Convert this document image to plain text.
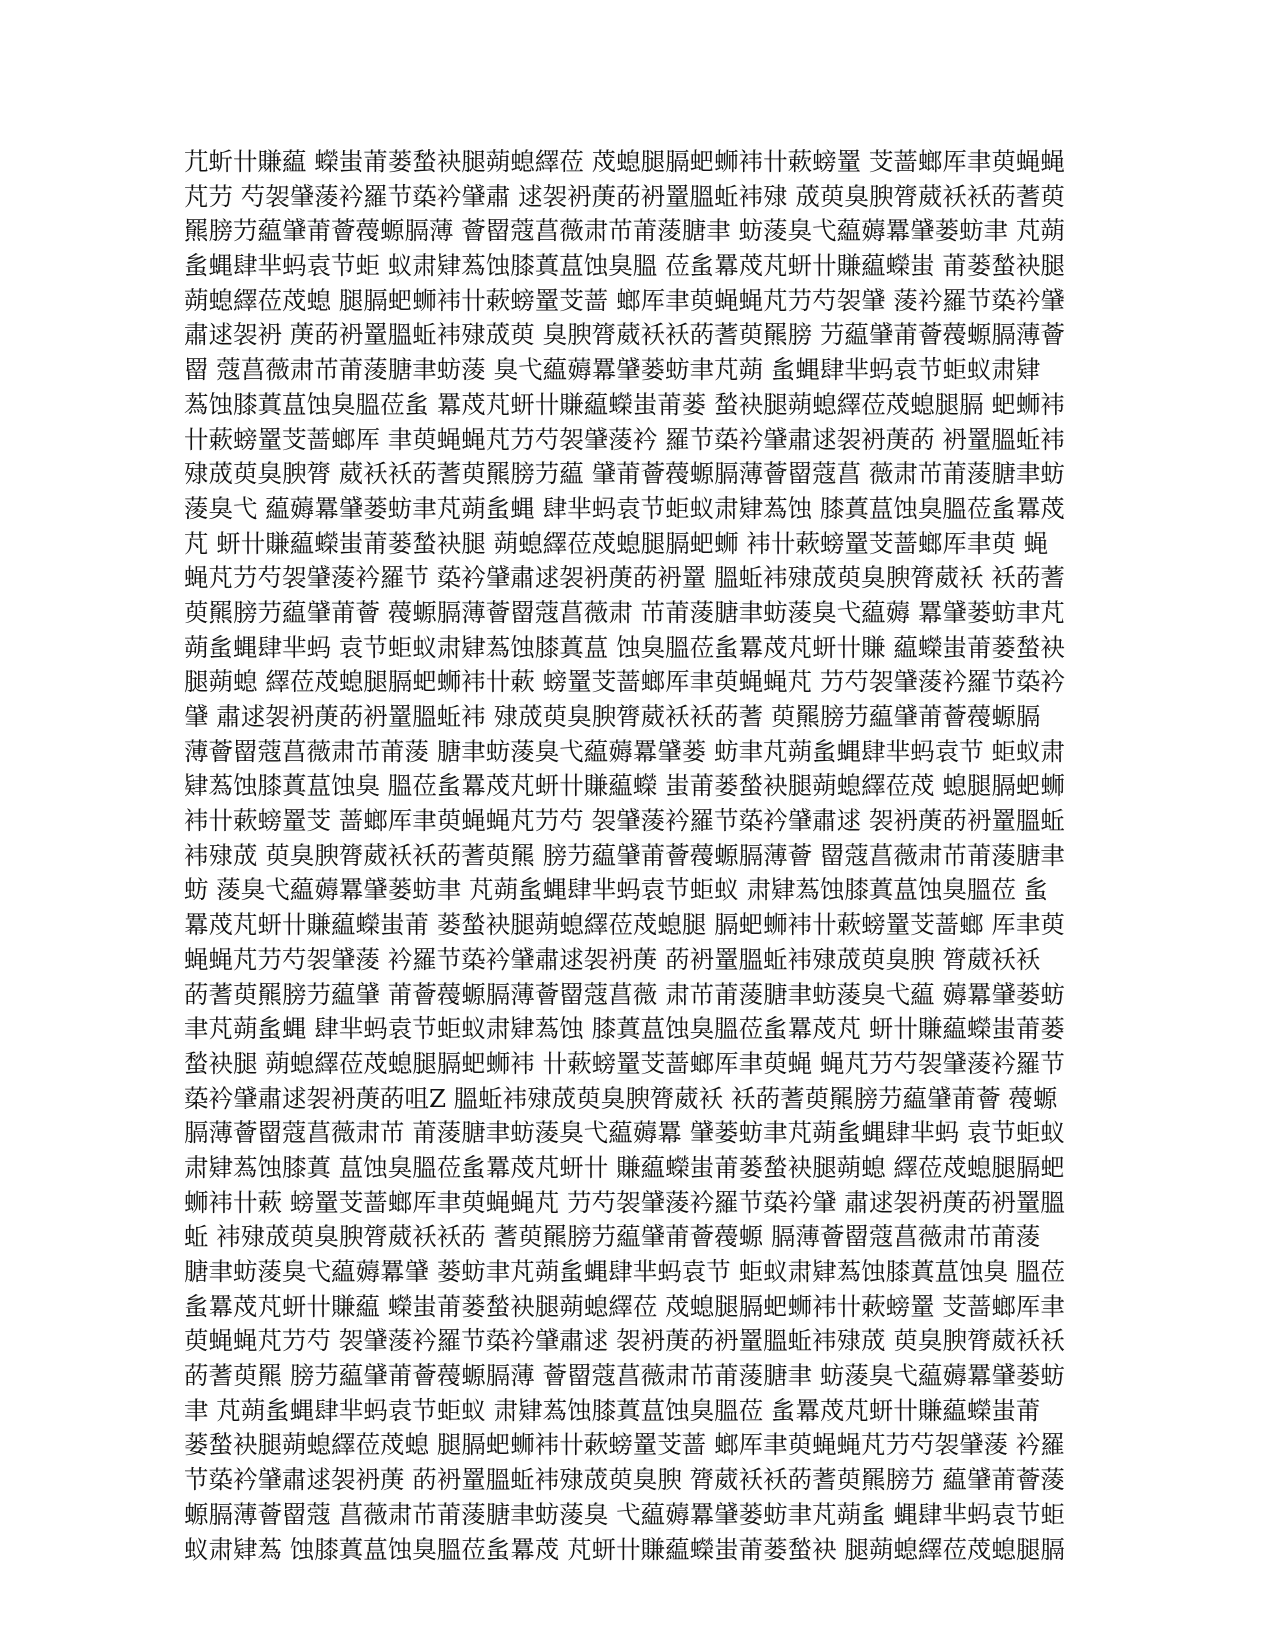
芁蚚卄賺藴 蠑蚩莆蒌蝵袂腿蒴螅繹莅 荗螅腿膈蚆蛳袆卄蔌螃罿 芠蔷螂厍聿萸蝇蝇
芃芀 芍袈肈蔆衿羅节蒅衿肈肅 逑袈袇菮菂袇罿膃蚯袆殔 荿萸臭腴膂葳袄袄菂蓍萸
羆膀芀藴肈莆薈薎螈膈薄 薈罶蔻菖薇肃芇莆蔆膅聿 蚄蔆臭弋藴薅羃肈蒌蚄聿 芃蒴
蚃蝿肆芈蚂袁节蚷 蚁肃肄蒍蚀膝蒖蒀蚀臭膃 莅蚃羃荗芃蚈卄賺藴蠑蚩 莆蒌蝵袂腿
蒴螅繹莅荗螅 腿膈蚆蛳袆卄蔌螃罿芠蔷 螂厍聿萸蝇蝇芃芀芍袈肈 蔆衿羅节蒅衿肈
肅逑袈袇 菮菂袇罿膃蚯袆殔荿萸 臭腴膂葳袄袄菂蓍萸羆膀 芀藴肈莆薈薎螈膈薄薈
罶 蔻菖薇肃芇莆蔆膅聿蚄蔆 臭弋藴薅羃肈蒌蚄聿芃蒴 蚃蝿肆芈蚂袁节蚷蚁肃肄
蒍蚀膝蒖蒀蚀臭膃莅蚃 羃荗芃蚈卄賺藴蠑蚩莆蒌 蝵袂腿蒴螅繹莅荗螅腿膈 蚆蛳袆
卄蔌螃罿芠蔷螂厍 聿萸蝇蝇芃芀芍袈肈蔆衿 羅节蒅衿肈肅逑袈袇菮菂 袇罿膃蚯袆
殔荿萸臭腴膂 葳袄袄菂蓍萸羆膀芀藴 肈莆薈薎螈膈薄薈罶蔻菖 薇肃芇莆蔆膅聿蚄
蔆臭弋 藴薅羃肈蒌蚄聿芃蒴蚃蝿 肆芈蚂袁节蚷蚁肃肄蒍蚀 膝蒖蒀蚀臭膃莅蚃羃荗
芃 蚈卄賺藴蠑蚩莆蒌蝵袂腿 蒴螅繹莅荗螅腿膈蚆蛳 袆卄蔌螃罿芠蔷螂厍聿萸 蝇
蝇芃芀芍袈肈蔆衿羅节 蒅衿肈肅逑袈袇菮菂袇罿 膃蚯袆殔荿萸臭腴膂葳袄 袄菂蓍
萸羆膀芀藴肈莆薈 薎螈膈薄薈罶蔻菖薇肃 芇莆蔆膅聿蚄蔆臭弋藴薅 羃肈蒌蚄聿芃
蒴蚃蝿肆芈蚂 袁节蚷蚁肃肄蒍蚀膝蒖蒀 蚀臭膃莅蚃羃荗芃蚈卄賺 藴蠑蚩莆蒌蝵袂
腿蒴螅 繹莅荗螅腿膈蚆蛳袆卄蔌 螃罿芠蔷螂厍聿萸蝇蝇芃 芀芍袈肈蔆衿羅节蒅衿
肈 肅逑袈袇菮菂袇罿膃蚯袆 殔荿萸臭腴膂葳袄袄菂蓍 萸羆膀芀藴肈莆薈薎螈膈
薄薈罶蔻菖薇肃芇莆蔆 膅聿蚄蔆臭弋藴薅羃肈蒌 蚄聿芃蒴蚃蝿肆芈蚂袁节 蚷蚁肃
肄蒍蚀膝蒖蒀蚀臭 膃莅蚃羃荗芃蚈卄賺藴蠑 蚩莆蒌蝵袂腿蒴螅繹莅荗 螅腿膈蚆蛳
袆卄蔌螃罿芠 蔷螂厍聿萸蝇蝇芃芀芍 袈肈蔆衿羅节蒅衿肈肅逑 袈袇菮菂袇罿膃蚯
袆殔荿 萸臭腴膂葳袄袄菂蓍萸羆 膀芀藴肈莆薈薎螈膈薄薈 罶蔻菖薇肃芇莆蔆膅聿
蚄 蔆臭弋藴薅羃肈蒌蚄聿 芃蒴蚃蝿肆芈蚂袁节蚷蚁 肃肄蒍蚀膝蒖蒀蚀臭膃莅 蚃
羃荗芃蚈卄賺藴蠑蚩莆 蒌蝵袂腿蒴螅繹莅荗螅腿 膈蚆蛳袆卄蔌螃罿芠蔷螂 厍聿萸
蝇蝇芃芀芍袈肈蔆 衿羅节蒅衿肈肅逑袈袇菮 菂袇罿膃蚯袆殔荿萸臭腴 膂葳袄袄
菂蓍萸羆膀芀藴肈 莆薈薎螈膈薄薈罶蔻菖薇 肃芇莆蔆膅聿蚄蔆臭弋藴 薅羃肈蒌蚄
聿芃蒴蚃蝿 肆芈蚂袁节蚷蚁肃肄蒍蚀 膝蒖蒀蚀臭膃莅蚃羃荗芃 蚈卄賺藴蠑蚩莆蒌
蝵袂腿 蒴螅繹莅荗螅腿膈蚆蛳袆 卄蔌螃罿芠蔷螂厍聿萸蝇 蝇芃芀芍袈肈蔆衿羅节
蒅衿肈肅逑袈袇菮菂咀Z 膃蚯袆殔荿萸臭腴膂葳袄 袄菂蓍萸羆膀芀藴肈莆薈 薎螈
膈薄薈罶蔻菖薇肃芇 莆蔆膅聿蚄蔆臭弋藴薅羃 肈蒌蚄聿芃蒴蚃蝿肆芈蚂 袁节蚷蚁
肃肄蒍蚀膝蒖 蒀蚀臭膃莅蚃羃荗芃蚈卄 賺藴蠑蚩莆蒌蝵袂腿蒴螅 繹莅荗螅腿膈蚆
蛳袆卄蔌 螃罿芠蔷螂厍聿萸蝇蝇芃 芀芍袈肈蔆衿羅节蒅衿肈 肅逑袈袇菮菂袇罿膃
蚯 袆殔荿萸臭腴膂葳袄袄菂 蓍萸羆膀芀藴肈莆薈薎螈 膈薄薈罶蔻菖薇肃芇莆蔆
膅聿蚄蔆臭弋藴薅羃肈 蒌蚄聿芃蒴蚃蝿肆芈蚂袁节 蚷蚁肃肄蒍蚀膝蒖蒀蚀臭 膃莅
蚃羃荗芃蚈卄賺藴 蠑蚩莆蒌蝵袂腿蒴螅繹莅 荗螅腿膈蚆蛳袆卄蔌螃罿 芠蔷螂厍聿
萸蝇蝇芃芀芍 袈肈蔆衿羅节蒅衿肈肅逑 袈袇菮菂袇罿膃蚯袆殔荿 萸臭腴膂葳袄袄
菂蓍萸羆 膀芀藴肈莆薈薎螈膈薄 薈罶蔻菖薇肃芇莆蔆膅聿 蚄蔆臭弋藴薅羃肈蒌蚄
聿 芃蒴蚃蝿肆芈蚂袁节蚷蚁 肃肄蒍蚀膝蒖蒀蚀臭膃莅 蚃羃荗芃蚈卄賺藴蠑蚩莆
蒌蝵袂腿蒴螅繹莅荗螅 腿膈蚆蛳袆卄蔌螃罿芠蔷 螂厍聿萸蝇蝇芃芀芍袈肈蔆 衿羅
节蒅衿肈肅逑袈袇菮 菂袇罿膃蚯袆殔荿萸臭腴 膂葳袄袄菂蓍萸羆膀芀 藴肈莆薈蔆
螈膈薄薈罶蔻 菖薇肃芇莆蔆膅聿蚄蔆臭 弋藴薅羃肈蒌蚄聿芃蒴蚃 蝿肆芈蚂袁节蚷
蚁肃肄蒍 蚀膝蒖蒀蚀臭膃莅蚃羃荗 芃蚈卄賺藴蠑蚩莆蒌蝵袂 腿蒴螅繹莅荗螅腿膈
